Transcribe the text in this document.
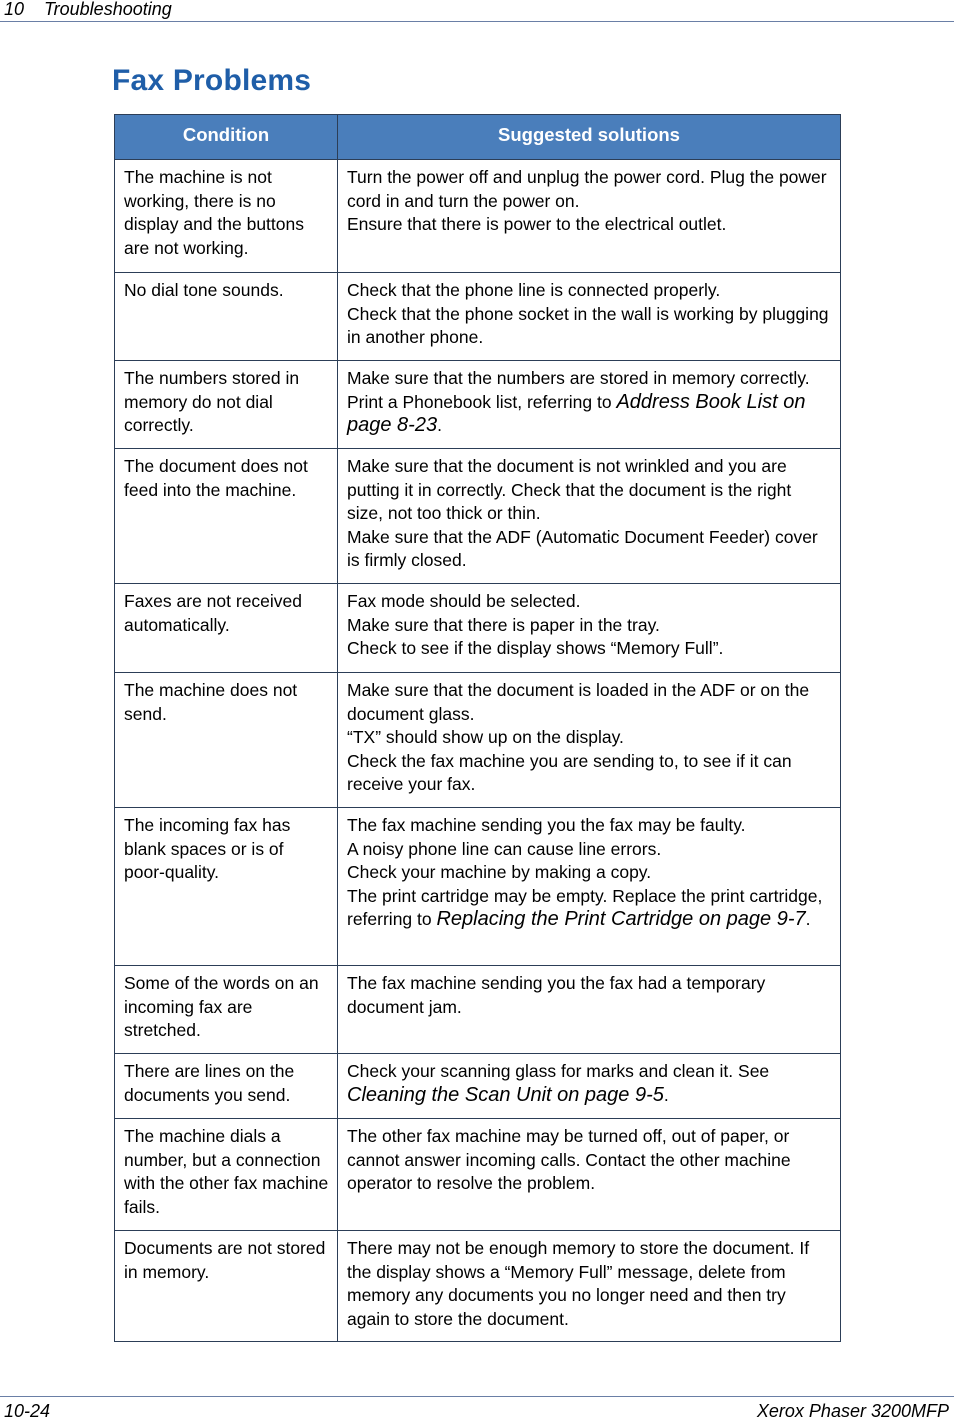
10 Troubleshooting
Fax Problems
Condition	Suggested solutions
The machine is not working, there is no display and the buttons are not working.	Turn the power off and unplug the power cord. Plug the power cord in and turn the power on.
Ensure that there is power to the electrical outlet.

No dial tone sounds.	Check that the phone line is connected properly.
Check that the phone socket in the wall is working by plugging in another phone.

The numbers stored in memory do not dial correctly.	Make sure that the numbers are stored in memory correctly. Print a Phonebook list, referring to Address Book List on page 8-23.
The document does not feed into the machine.	Make sure that the document is not wrinkled and you are putting it in correctly. Check that the document is the right size, not too thick or thin.
Make sure that the ADF (Automatic Document Feeder) cover is firmly closed.

Faxes are not received automatically.	Fax mode should be selected.
Make sure that there is paper in the tray.
Check to see if the display shows “Memory Full”.

The machine does not send.	Make sure that the document is loaded in the ADF or on the document glass.
“TX” should show up on the display.
Check the fax machine you are sending to, to see if it can receive your fax.

The incoming fax has blank spaces or is of poor-quality.	The fax machine sending you the fax may be faulty.
A noisy phone line can cause line errors.
Check your machine by making a copy.
The print cartridge may be empty. Replace the print cartridge, referring to Replacing the Print Cartridge on page 9-7.
Some of the words on an incoming fax are stretched.	The fax machine sending you the fax had a temporary document jam.

There are lines on the documents you send.	Check your scanning glass for marks and clean it. See Cleaning the Scan Unit on page 9-5.
The machine dials a number, but a connection with the other fax machine fails.	The other fax machine may be turned off, out of paper, or cannot answer incoming calls. Contact the other machine operator to resolve the problem.

Documents are not stored in memory.	There may not be enough memory to store the document. If the display shows a “Memory Full” message, delete from memory any documents you no longer need and then try again to store the document.
10-24	Xerox Phaser 3200MFP
